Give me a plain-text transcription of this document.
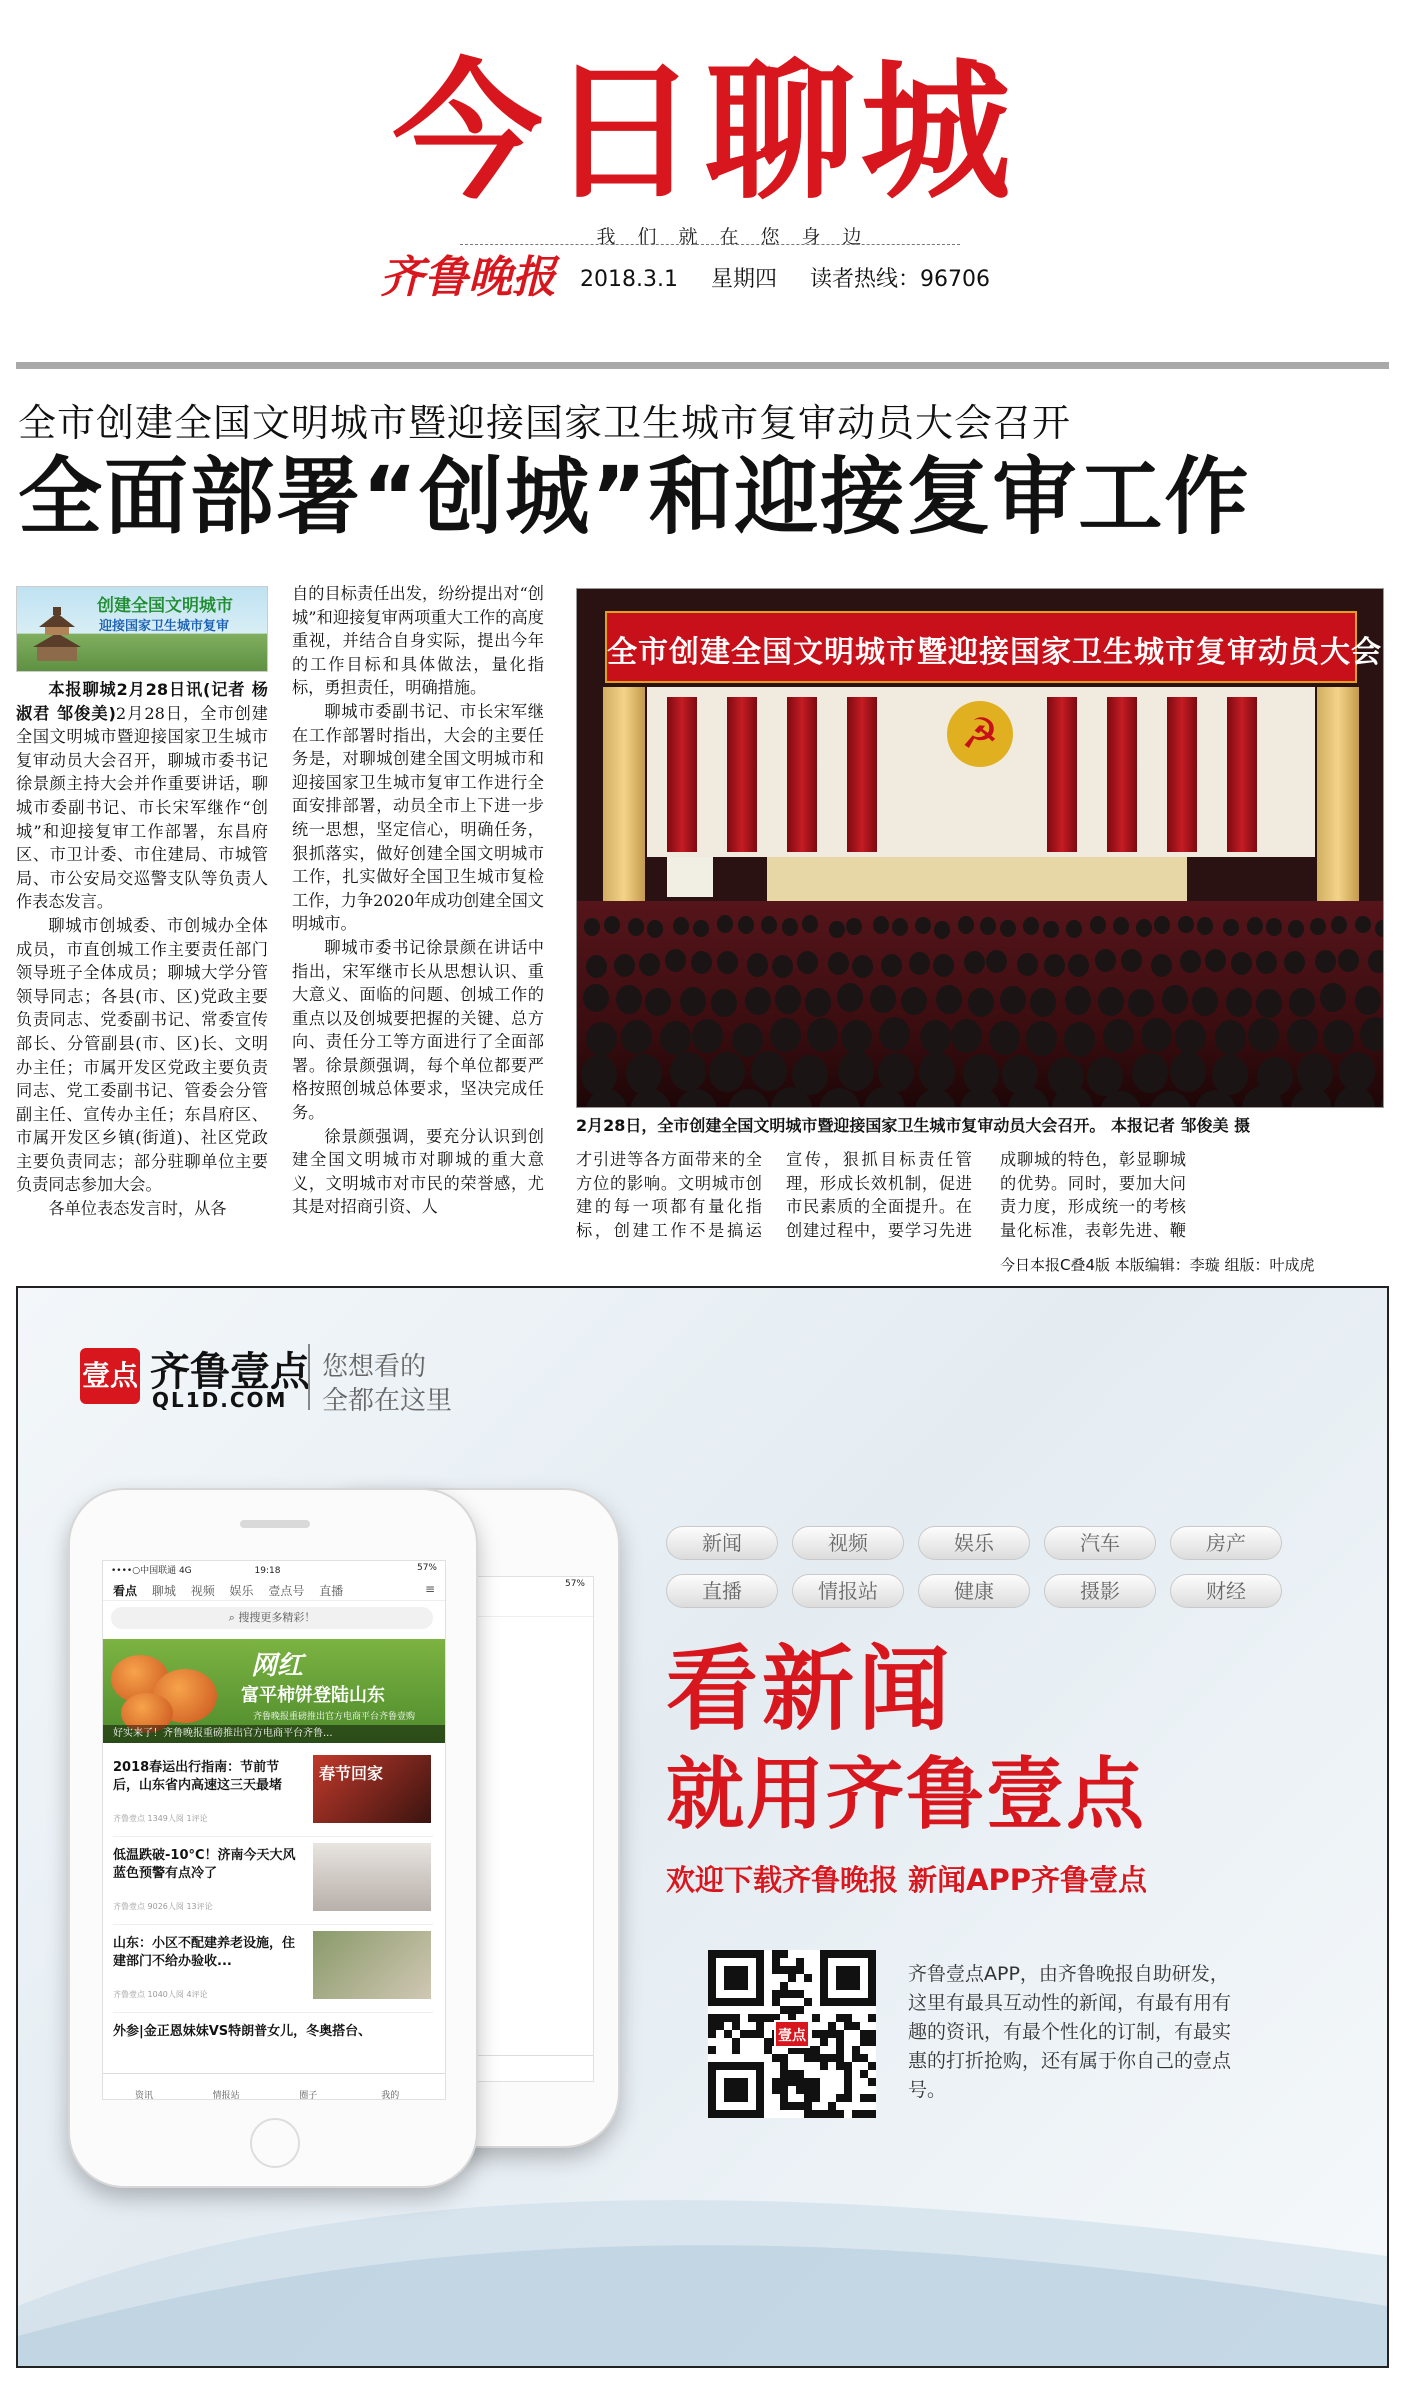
今日聊城
我们就在您身边
齐鲁晚报 2018.3.1 星期四 读者热线：96706
全市创建全国文明城市暨迎接国家卫生城市复审动员大会召开
全面部署“创城”和迎接复审工作
创建全国文明城市
迎接国家卫生城市复审

本报聊城2月28日讯(记者 杨淑君 邹俊美)2月28日，全市创建全国文明城市暨迎接国家卫生城市复审动员大会召开，聊城市委书记徐景颜主持大会并作重要讲话，聊城市委副书记、市长宋军继作“创城”和迎接复审工作部署，东昌府区、市卫计委、市住建局、市城管局、市公安局交巡警支队等负责人作表态发言。

聊城市创城委、市创城办全体成员，市直创城工作主要责任部门领导班子全体成员；聊城大学分管领导同志；各县(市、区)党政主要负责同志、党委副书记、常委宣传部长、分管副县(市、区)长、文明办主任；市属开发区党政主要负责同志、党工委副书记、管委会分管副主任、宣传办主任；东昌府区、市属开发区乡镇(街道)、社区党政主要负责同志；部分驻聊单位主要负责同志参加大会。

各单位表态发言时，从各

自的目标责任出发，纷纷提出对“创城”和迎接复审两项重大工作的高度重视，并结合自身实际，提出今年的工作目标和具体做法，量化指标，勇担责任，明确措施。

聊城市委副书记、市长宋军继在工作部署时指出，大会的主要任务是，对聊城创建全国文明城市和迎接国家卫生城市复审工作进行全面安排部署，动员全市上下进一步统一思想，坚定信心，明确任务，狠抓落实，做好创建全国文明城市工作，扎实做好全国卫生城市复检工作，力争2020年成功创建全国文明城市。

聊城市委书记徐景颜在讲话中指出，宋军继市长从思想认识、重大意义、面临的问题、创城工作的重点以及创城要把握的关键、总方向、责任分工等方面进行了全面部署。徐景颜强调，每个单位都要严格按照创城总体要求，坚决完成任务。

徐景颜强调，要充分认识到创建全国文明城市对聊城的重大意义，文明城市对市民的荣誉感，尤其是对招商引资、人

☭
全市创建全国文明城市暨迎接国家卫生城市复审动员大会
2月28日，全市创建全国文明城市暨迎接国家卫生城市复审动员大会召开。 本报记者 邹俊美 摄

才引进等各方面带来的全方位的影响。文明城市创建的每一项都有量化指标，创建工作不是搞运

宣传，狠抓目标责任管理，形成长效机制，促进市民素质的全面提升。在创建过程中，要学习先进

成聊城的特色，彰显聊城的优势。同时，要加大问责力度，形成统一的考核量化标准，表彰先进、鞭

今日本报C叠4版 本版编辑：李璇 组版：叶成虎
壹点 齐鲁壹点
QL1D.COM
您想看的
全都在这里
57%
••••○中国联通 4G	19:18	57%
看点 聊城 视频 娱乐 壹点号 直播	≡
⌕ 搜搜更多精彩！
网红
富平柿饼登陆山东
齐鲁晚报重磅推出官方电商平台齐鲁壹购
好实来了！齐鲁晚报重磅推出官方电商平台齐鲁...
2018春运出行指南：节前节后，山东省内高速这三天最堵
齐鲁壹点 1349人阅 1评论
春节回家
低温跌破-10°C！济南今天大风蓝色预警有点冷了
齐鲁壹点 9026人阅 13评论
山东：小区不配建养老设施，住建部门不给办验收...
齐鲁壹点 1040人阅 4评论
外参|金正恩妹妹VS特朗普女儿，冬奥搭台、
资讯	情报站	圈子	我的
新闻	视频	娱乐	汽车	房产
直播	情报站	健康	摄影	财经
看新闻
就用齐鲁壹点
欢迎下载齐鲁晚报 新闻APP齐鲁壹点
壹点
齐鲁壹点APP，由齐鲁晚报自助研发，这里有最具互动性的新闻，有最有用有趣的资讯，有最个性化的订制，有最实惠的打折抢购，还有属于你自己的壹点号。
